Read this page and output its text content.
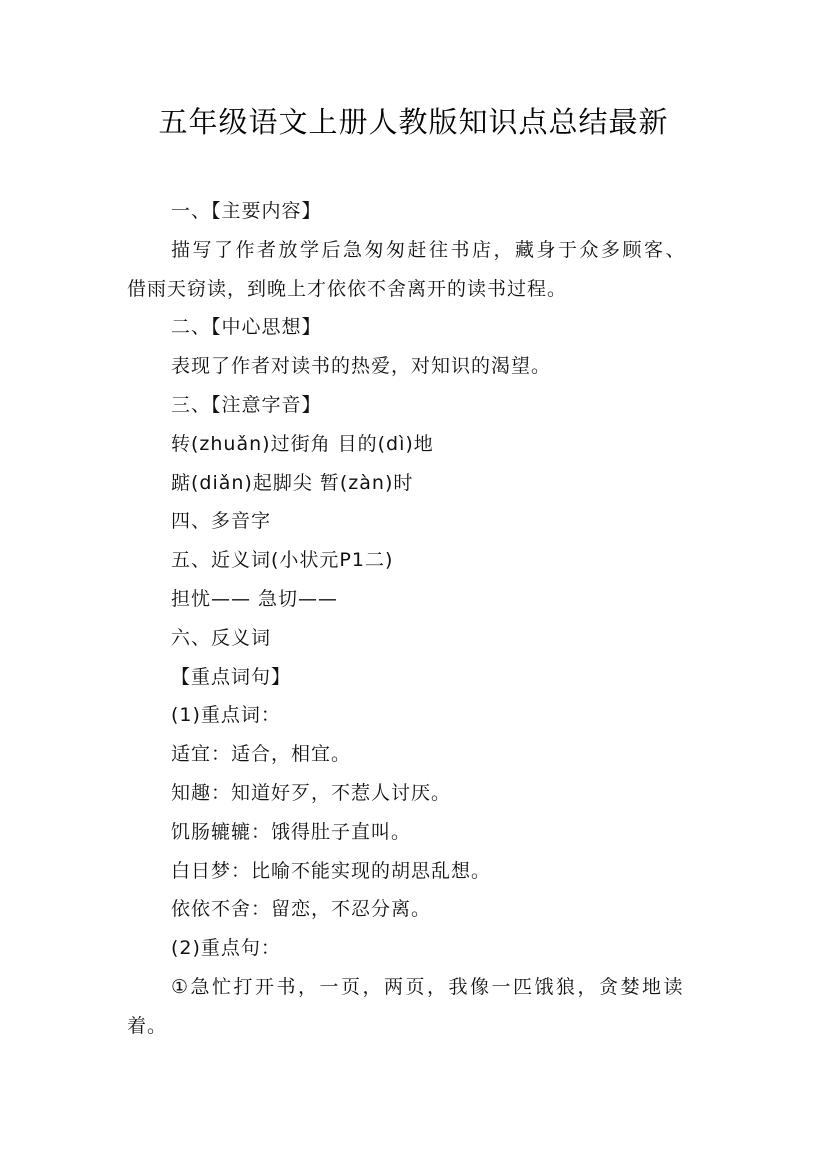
五年级语文上册人教版知识点总结最新
一、【主要内容】
描写了作者放学后急匆匆赶往书店，藏身于众多顾客、
借雨天窃读，到晚上才依依不舍离开的读书过程。
二、【中心思想】
表现了作者对读书的热爱，对知识的渴望。
三、【注意字音】
转(zhuǎn)过街角 目的(dì)地
踮(diǎn)起脚尖 暂(zàn)时
四、多音字
五、近义词(小状元P1二)
担忧—— 急切——
六、反义词
【重点词句】
(1)重点词：
适宜：适合，相宜。
知趣：知道好歹，不惹人讨厌。
饥肠辘辘：饿得肚子直叫。
白日梦：比喻不能实现的胡思乱想。
依依不舍：留恋，不忍分离。
(2)重点句：
①急忙打开书，一页，两页，我像一匹饿狼，贪婪地读
着。
